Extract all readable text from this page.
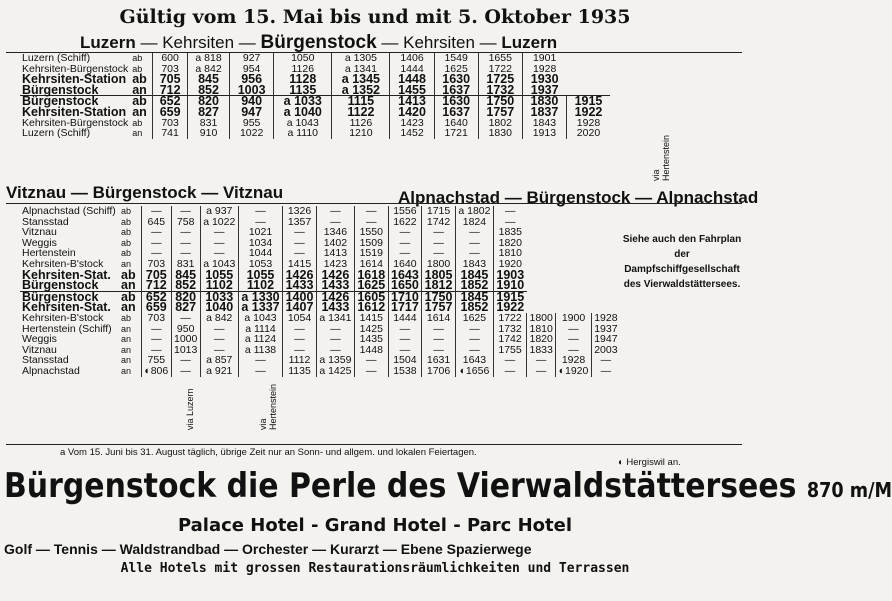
Gültig vom 15. Mai bis und mit 5. Oktober 1935
Luzern — Kehrsiten — Bürgenstock — Kehrsiten — Luzern
Luzern (Schiff)	ab	600	a 818	927	1050	a 1305	1406	1549	1655	1901	
Kehrsiten-Bürgenstock	ab	703	a 842	954	1126	a 1341	1444	1625	1722	1928	
Kehrsiten-Station	ab	705	845	956	1128	a 1345	1448	1630	1725	1930	
Bürgenstock	an	712	852	1003	1135	a 1352	1455	1637	1732	1937	
Bürgenstock	ab	652	820	940	a 1033	1115	1413	1630	1750	1830	1915
Kehrsiten-Station	an	659	827	947	a 1040	1122	1420	1637	1757	1837	1922
Kehrsiten-Bürgenstock	ab	703	831	955	a 1043	1126	1423	1640	1802	1843	1928
Luzern (Schiff)	an	741	910	1022	a 1110	1210	1452	1721	1830	1913	2020
via Hertenstein
Vitznau — Bürgenstock — Vitznau	Alpnachstad — Bürgenstock — Alpnachstad
Alpnachstad (Schiff)	ab	—	—	a 937	—	1326	—	—	1556	1715	a 1802	—			
Stansstad	ab	645	758	a 1022	—	1357	—	—	1622	1742	1824	—			
Vitznau	ab	—	—	—	1021	—	1346	1550	—	—	—	1835			
Weggis	ab	—	—	—	1034	—	1402	1509	—	—	—	1820			
Hertenstein	ab	—	—	—	1044	—	1413	1519	—	—	—	1810			
Kehrsiten-B'stock	an	703	831	a 1043	1053	1415	1423	1614	1640	1800	1843	1920			
Kehrsiten-Stat.	ab	705	845	1055	1055	1426	1426	1618	1643	1805	1845	1903			
Bürgenstock	an	712	852	1102	1102	1433	1433	1625	1650	1812	1852	1910			
Bürgenstock	ab	652	820	1033	a 1330	1400	1426	1605	1710	1750	1845	1915			
Kehrsiten-Stat.	an	659	827	1040	a 1337	1407	1433	1612	1717	1757	1852	1922			
Kehrsiten-B'stock	ab	703	—	a 842	a 1043	1054	a 1341	1415	1444	1614	1625	1722	1800	1900	1928
Hertenstein (Schiff)	an	—	950	—	a 1114	—	—	1425	—	—	—	1732	1810	—	1937
Weggis	an	—	1000	—	a 1124	—	—	1435	—	—	—	1742	1820	—	1947
Vitznau	an	—	1013	—	a 1138	—	—	1448	—	—	—	1755	1833	—	2003
Stansstad	an	755	—	a 857	—	1112	a 1359	—	1504	1631	1643	—	—	1928	—
Alpnachstad	an	◐806	—	a 921	—	1135	a 1425	—	1538	1706	◐1656	—	—	◐1920	—
Siehe auch den Fahrplan der Dampfschiffgesellschaft des Vierwaldstättersees.
via Luzern	via Hertenstein
a Vom 15. Juni bis 31. August täglich, übrige Zeit nur an Sonn- und allgem. und lokalen Feiertagen.
◐ Hergiswil an.
Bürgenstock die Perle des Vierwaldstättersees 870 m/M
Palace Hotel - Grand Hotel - Parc Hotel
Golf — Tennis — Waldstrandbad — Orchester — Kurarzt — Ebene Spazierwege
Alle Hotels mit grossen Restaurationsräumlichkeiten und Terrassen
